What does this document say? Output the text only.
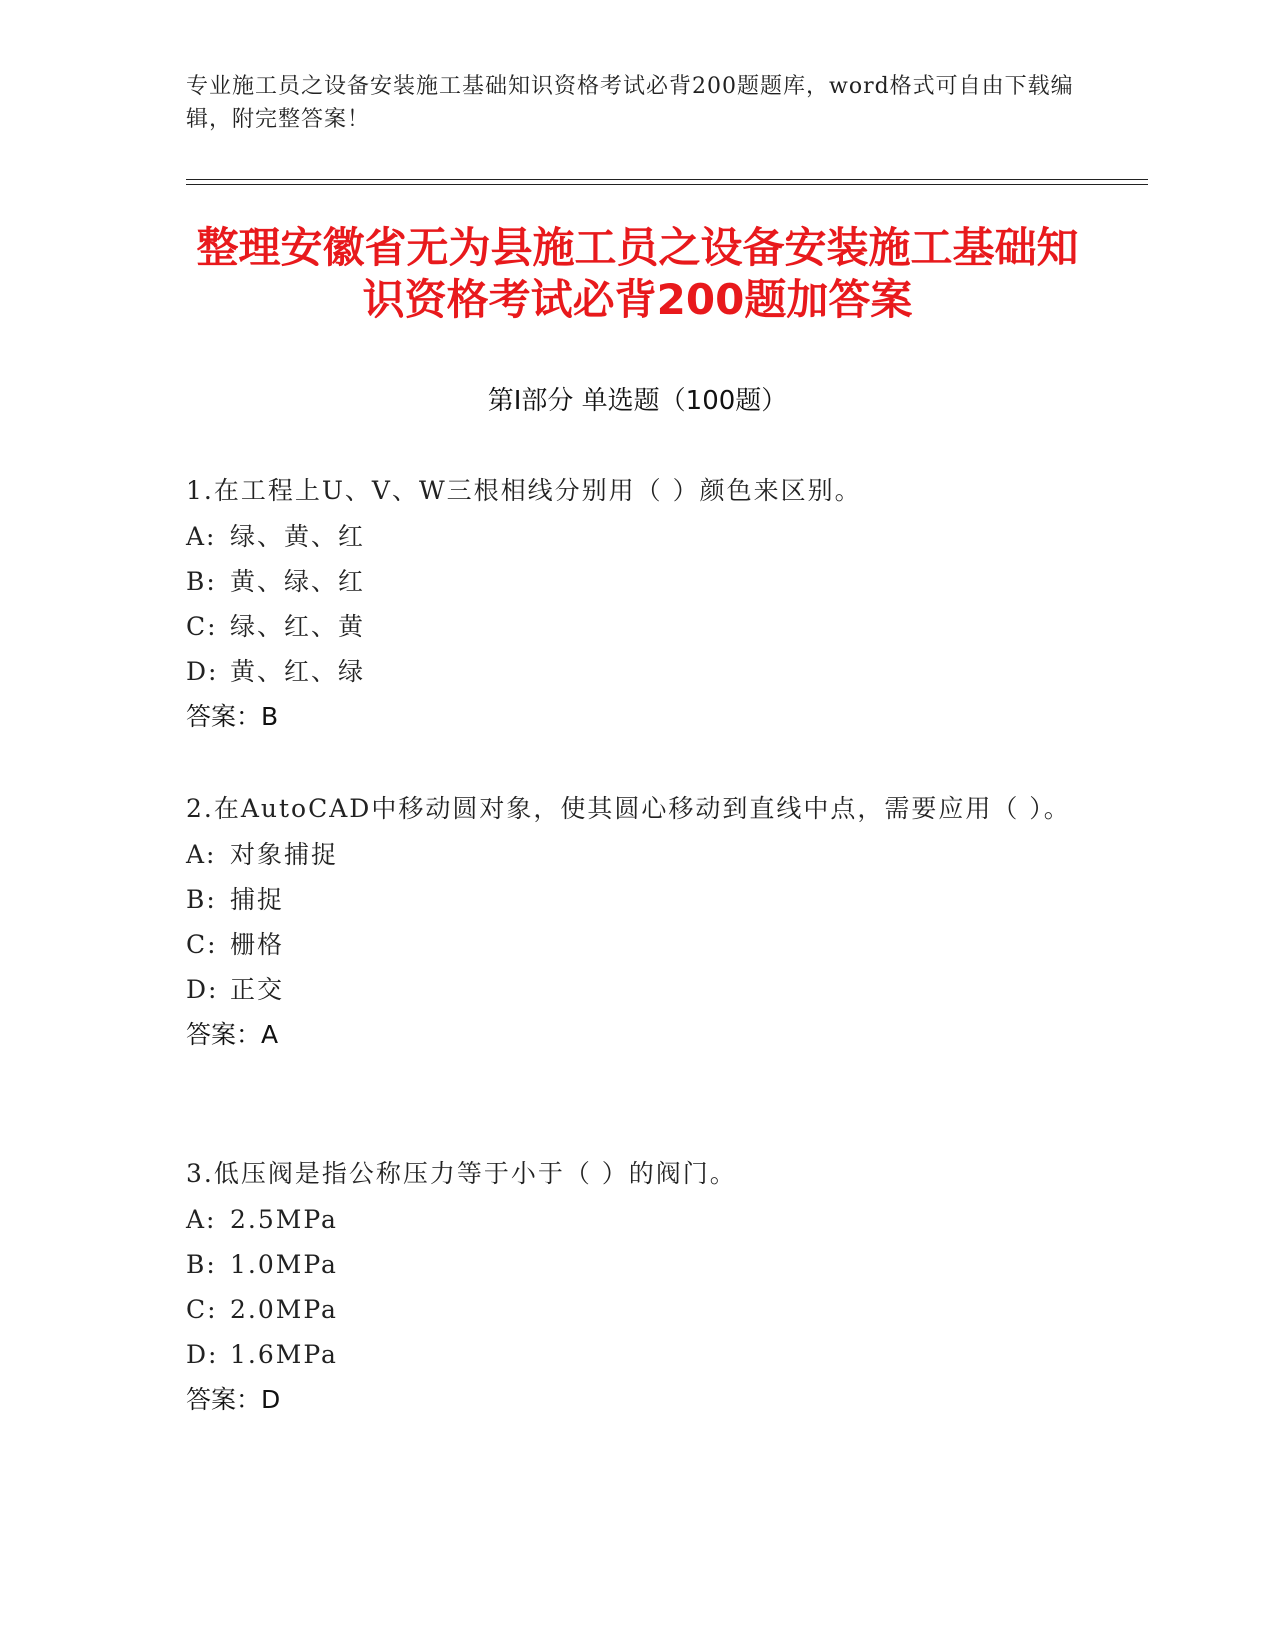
专业施工员之设备安装施工基础知识资格考试必背200题题库，word格式可自由下载编辑，附完整答案！
整理安徽省无为县施工员之设备安装施工基础知识资格考试必背200题加答案
第I部分 单选题（100题）
1.在工程上U、V、W三根相线分别用（ ）颜色来区别。
A: 绿、黄、红
B: 黄、绿、红
C: 绿、红、黄
D: 黄、红、绿
答案：B
2.在AutoCAD中移动圆对象，使其圆心移动到直线中点，需要应用（ ）。
A: 对象捕捉
B: 捕捉
C: 栅格
D: 正交
答案：A
3.低压阀是指公称压力等于小于（ ）的阀门。
A: 2.5MPa
B: 1.0MPa
C: 2.0MPa
D: 1.6MPa
答案：D
